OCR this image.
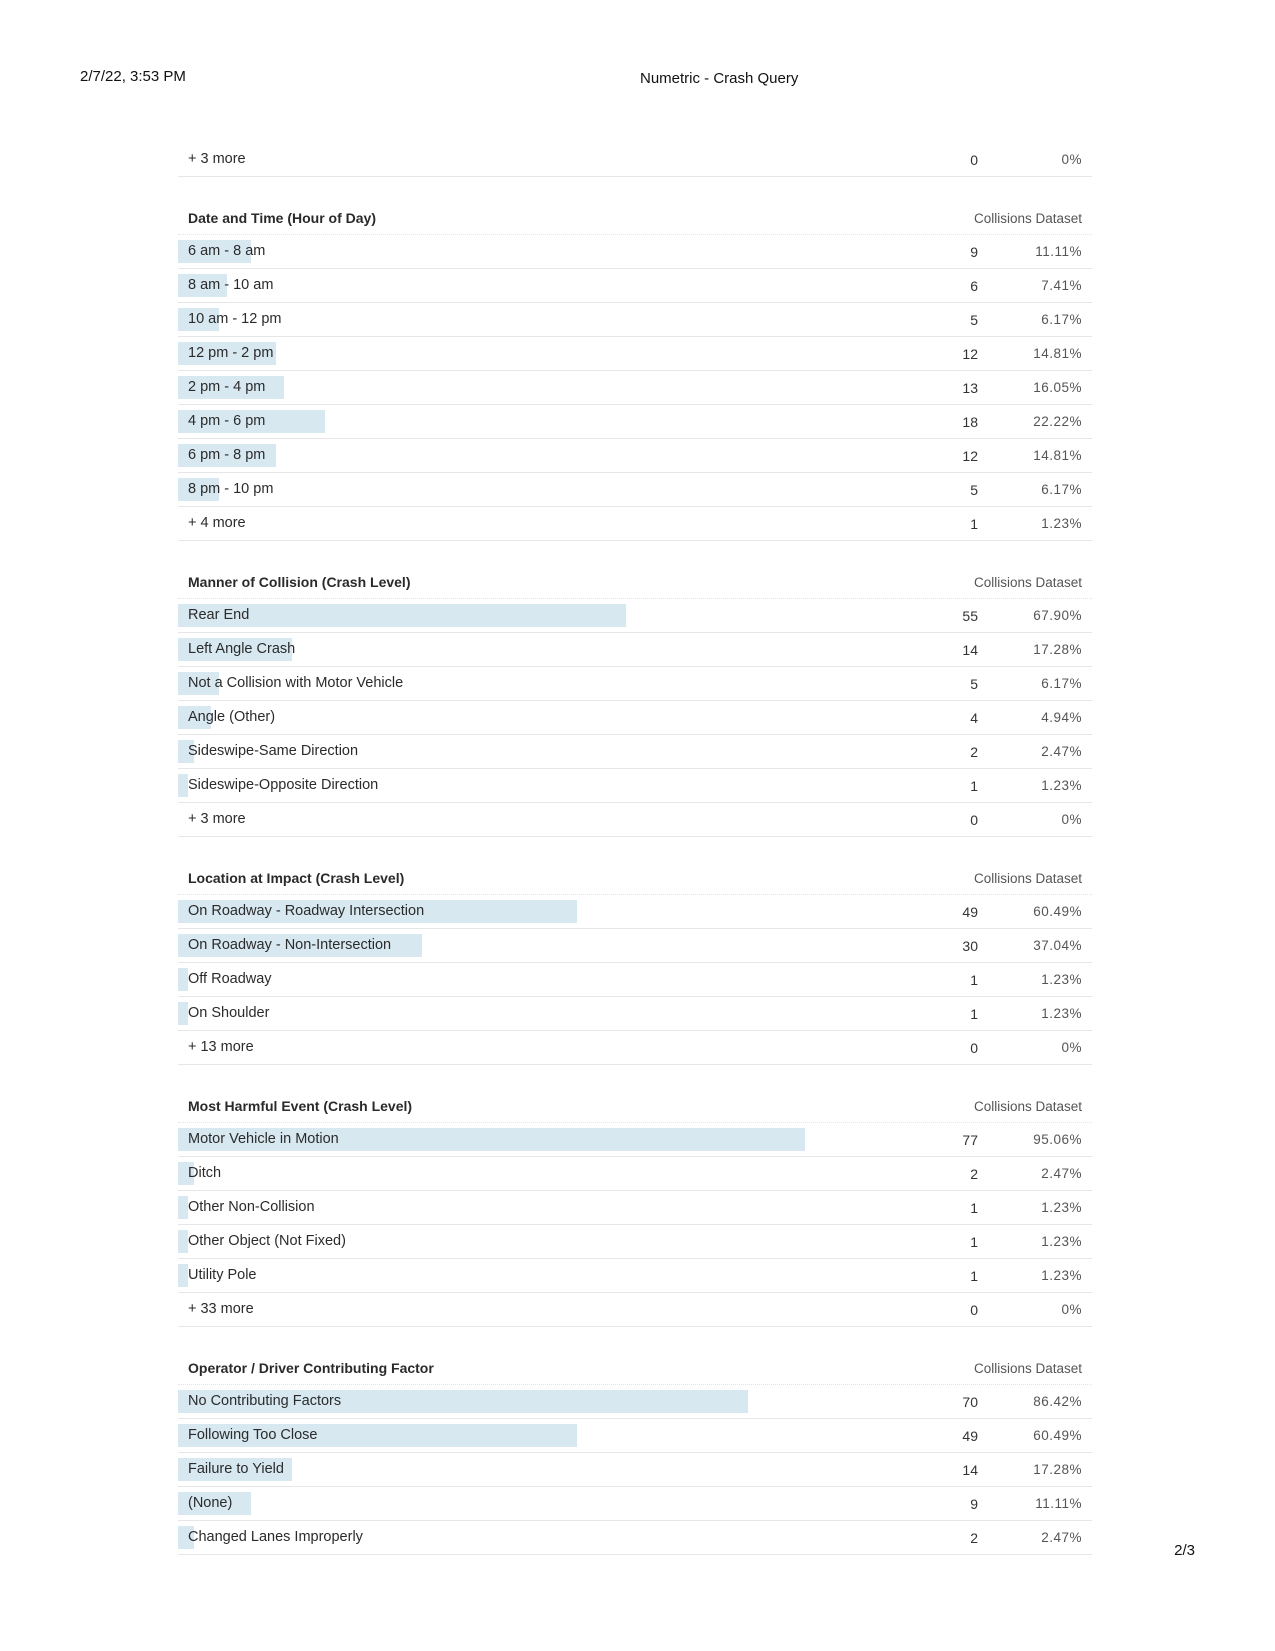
2/7/22, 3:53 PM	Numetric - Crash Query
+ 3 more	0	0%
Date and Time (Hour of Day)	Collisions Dataset
6 am - 8 am	9	11.11%
8 am - 10 am	6	7.41%
10 am - 12 pm	5	6.17%
12 pm - 2 pm	12	14.81%
2 pm - 4 pm	13	16.05%
4 pm - 6 pm	18	22.22%
6 pm - 8 pm	12	14.81%
8 pm - 10 pm	5	6.17%
+ 4 more	1	1.23%
Manner of Collision (Crash Level)	Collisions Dataset
Rear End	55	67.90%
Left Angle Crash	14	17.28%
Not a Collision with Motor Vehicle	5	6.17%
Angle (Other)	4	4.94%
Sideswipe-Same Direction	2	2.47%
Sideswipe-Opposite Direction	1	1.23%
+ 3 more	0	0%
Location at Impact (Crash Level)	Collisions Dataset
On Roadway - Roadway Intersection	49	60.49%
On Roadway - Non-Intersection	30	37.04%
Off Roadway	1	1.23%
On Shoulder	1	1.23%
+ 13 more	0	0%
Most Harmful Event (Crash Level)	Collisions Dataset
Motor Vehicle in Motion	77	95.06%
Ditch	2	2.47%
Other Non-Collision	1	1.23%
Other Object (Not Fixed)	1	1.23%
Utility Pole	1	1.23%
+ 33 more	0	0%
Operator / Driver Contributing Factor	Collisions Dataset
No Contributing Factors	70	86.42%
Following Too Close	49	60.49%
Failure to Yield	14	17.28%
(None)	9	11.11%
Changed Lanes Improperly	2	2.47%
2/3
